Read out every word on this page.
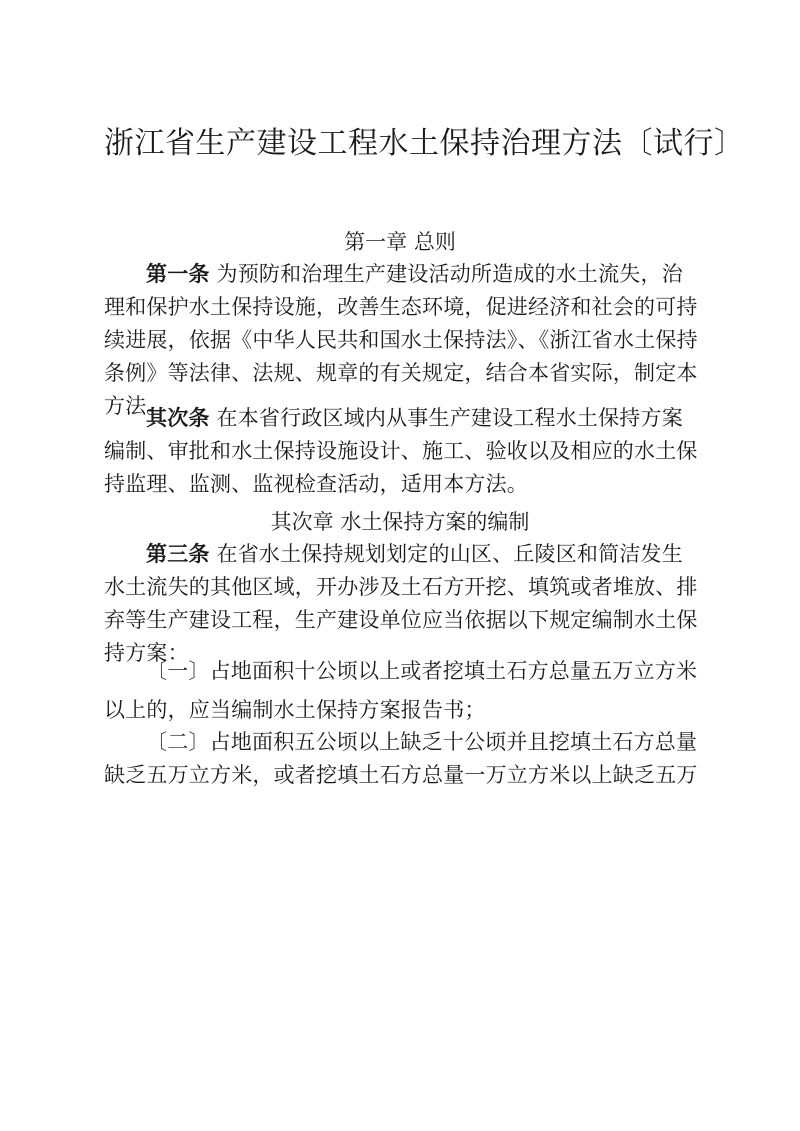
浙江省生产建设工程水土保持治理方法〔试行〕
第一章 总则
第一条 为预防和治理生产建设活动所造成的水土流失，治
理和保护水土保持设施，改善生态环境，促进经济和社会的可持
续进展，依据《中华人民共和国水土保持法》、《浙江省水土保持
条例》等法律、法规、规章的有关规定，结合本省实际，制定本
方法。
其次条 在本省行政区域内从事生产建设工程水土保持方案
编制、审批和水土保持设施设计、施工、验收以及相应的水土保
持监理、监测、监视检查活动，适用本方法。
其次章 水土保持方案的编制
第三条 在省水土保持规划划定的山区、丘陵区和简洁发生
水土流失的其他区域，开办涉及土石方开挖、填筑或者堆放、排
弃等生产建设工程，生产建设单位应当依据以下规定编制水土保
持方案：
〔一〕占地面积十公顷以上或者挖填土石方总量五万立方米
以上的，应当编制水土保持方案报告书；
〔二〕占地面积五公顷以上缺乏十公顷并且挖填土石方总量
缺乏五万立方米，或者挖填土石方总量一万立方米以上缺乏五万
